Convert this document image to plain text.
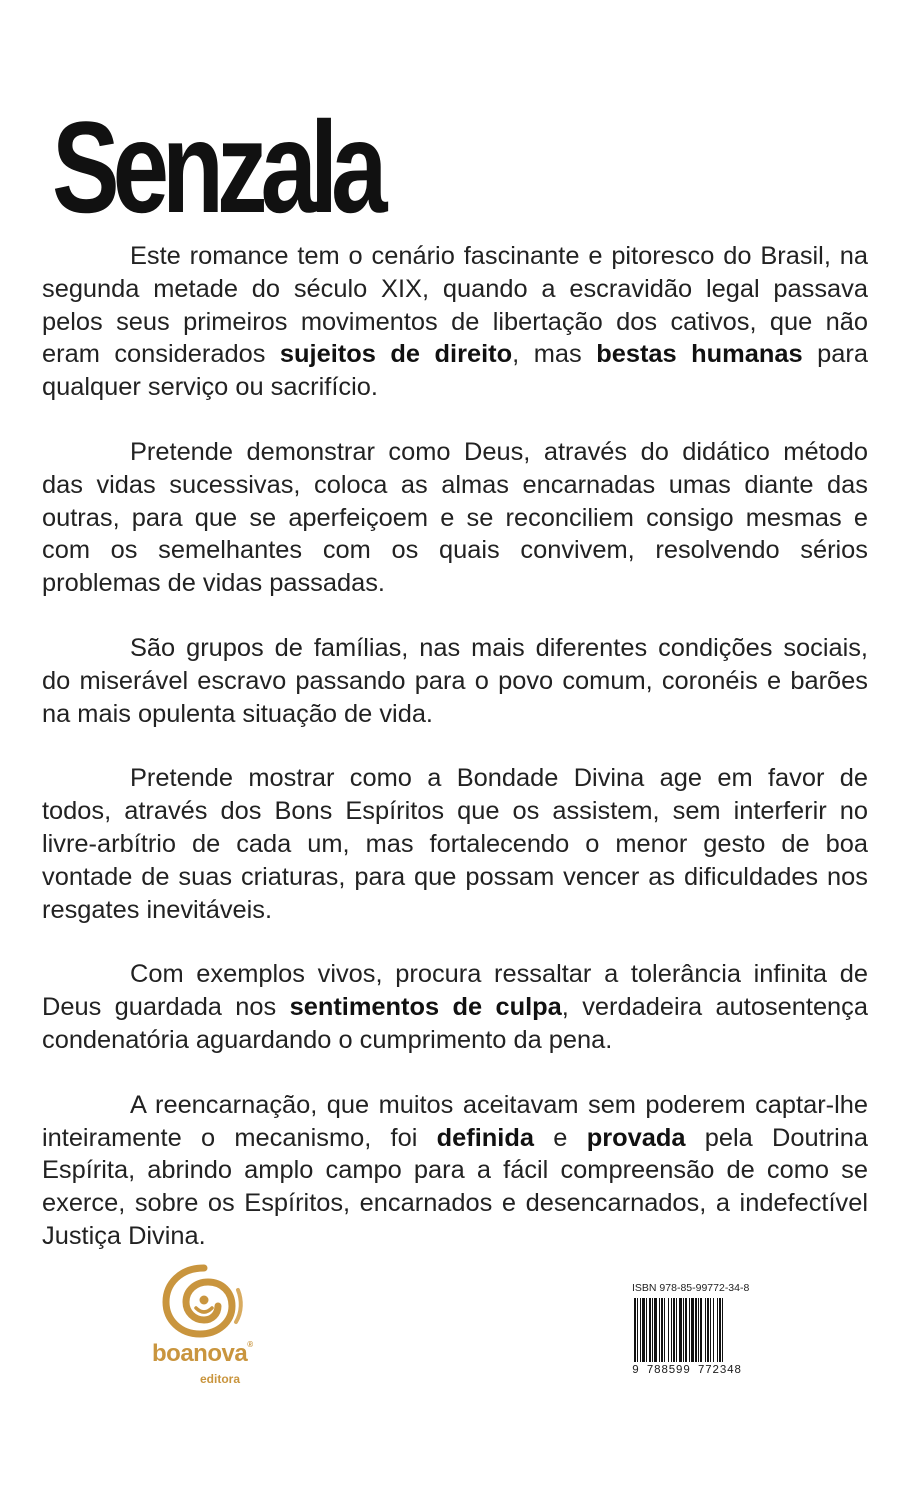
Senzala

Este romance tem o cenário fascinante e pitoresco do Brasil, na segunda metade do século XIX, quando a escravidão legal passava pelos seus primeiros movimentos de libertação dos cativos, que não eram considerados sujeitos de direito, mas bestas humanas para qualquer serviço ou sacrifício.

Pretende demonstrar como Deus, através do didático método das vidas sucessivas, coloca as almas encarnadas umas diante das outras, para que se aperfeiçoem e se reconciliem consigo mesmas e com os semelhantes com os quais convivem, resolvendo sérios problemas de vidas passadas.

São grupos de famílias, nas mais diferentes condições sociais, do miserável escravo passando para o povo comum, coronéis e barões na mais opulenta situação de vida.

Pretende mostrar como a Bondade Divina age em favor de todos, através dos Bons Espíritos que os assistem, sem interferir no livre-arbítrio de cada um, mas fortalecendo o menor gesto de boa vontade de suas criaturas, para que possam vencer as dificuldades nos resgates inevitáveis.

Com exemplos vivos, procura ressaltar a tolerância infinita de Deus guardada nos sentimentos de culpa, verdadeira autosentença condenatória aguardando o cumprimento da pena.

A reencarnação, que muitos aceitavam sem poderem captar-lhe inteiramente o mecanismo, foi definida e provada pela Doutrina Espírita, abrindo amplo campo para a fácil compreensão de como se exerce, sobre os Espíritos, encarnados e desencarnados, a indefectível Justiça Divina.

boanova®
editora
ISBN 978-85-99772-34-8
9 788599 772348
